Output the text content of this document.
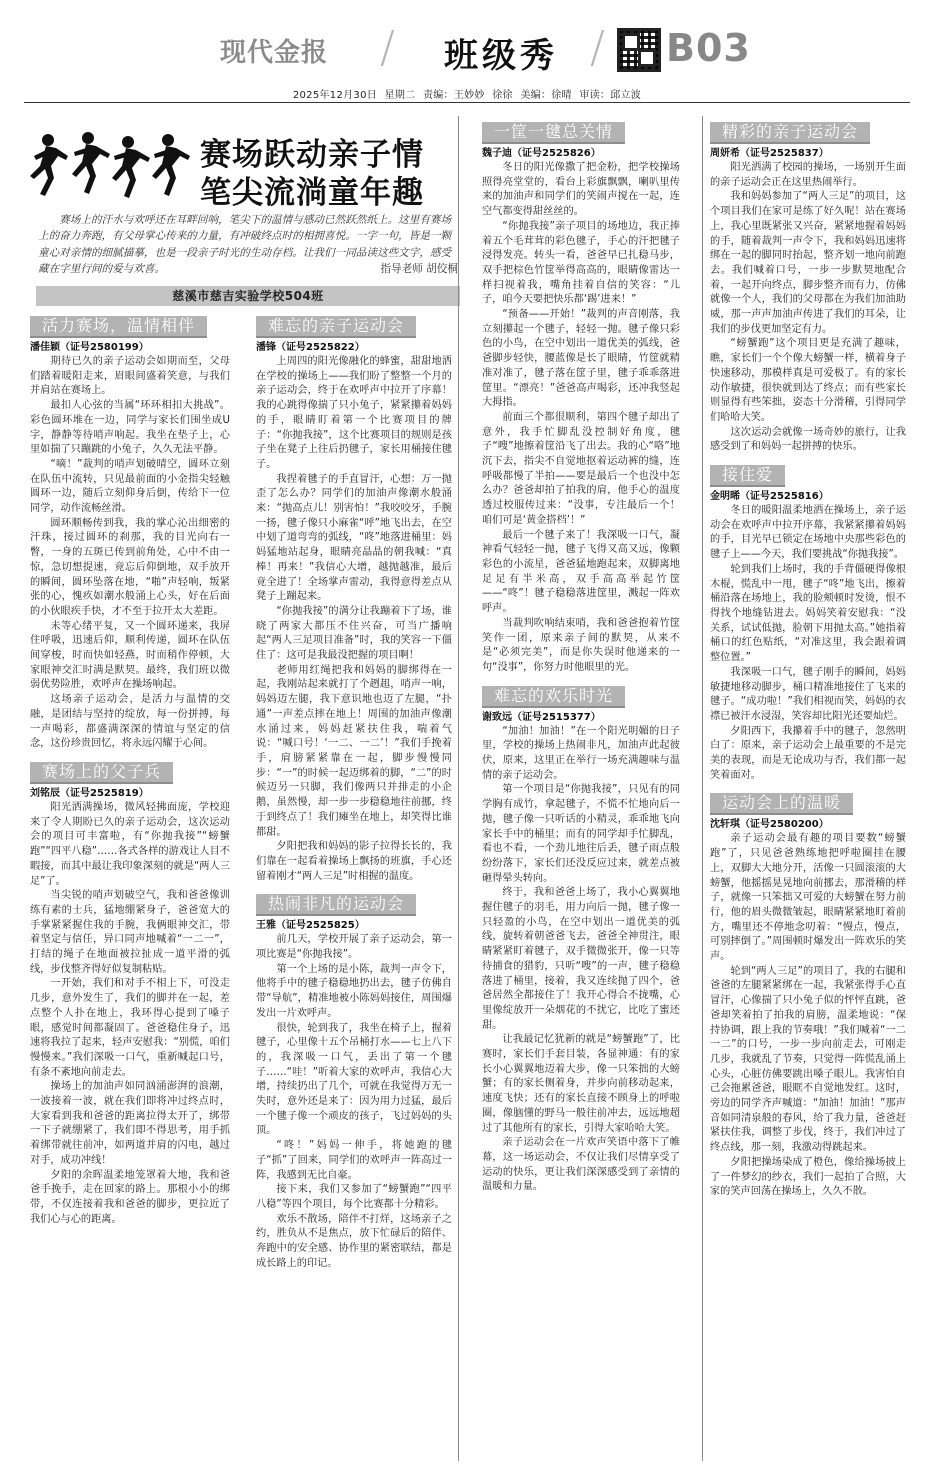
现代金报 / 班级秀 / B03
2025年12月30日 星期二 责编：王妙妙 徐徐 美编：徐晴 审读：邱立波
赛场跃动亲子情
笔尖流淌童年趣
赛场上的汗水与欢呼还在耳畔回响，笔尖下的温情与感动已然跃然纸上。这里有赛场上的奋力奔跑，有父母掌心传来的力量，有冲破终点时的相拥喜悦。一字一句，皆是一颗童心对亲情的细腻描摹，也是一段亲子时光的生动存档。让我们一同品读这些文字，感受藏在字里行间的爱与欢喜。	指导老师 胡佼桐
慈溪市慈吉实验学校504班
活力赛场，温情相伴
潘佳颖（证号2580199）

期待已久的亲子运动会如期而至，父母们踏着暖阳走来，眉眼间盛着笑意，与我们并肩站在赛场上。

最扣人心弦的当属“环环相扣大挑战”。彩色圆环堆在一边，同学与家长们围坐成U字，静静等待哨声响起。我坐在垫子上，心里如揣了只蹦跳的小兔子，久久无法平静。

“嘀！”裁判的哨声划破晴空，圆环立刻在队伍中流转，只见最前面的小金指尖轻触圆环一边，随后立刻仰身后倒，传给下一位同学，动作流畅丝滑。

圆环顺畅传到我，我的掌心沁出细密的汗珠，接过圆环的刹那，我的目光向右一瞥，一身的五斑已传到前角处，心中不由一惊，急切想提速，竟忘后仰倒地，双手放开的瞬间，圆环坠落在地，“啪”声轻响，叛紧张的心，愧疚如潮水般涌上心头，好在后面的小伙眼疾手快，才不至于拉开太大差距。

未等心绪平复，又一个圆环递来，我屏住呼吸，迅速后仰，顺利传递，圆环在队伍间穿梭，时而快如轻燕，时而稍作停顿，大家眼神交汇时满是默契。最终，我们班以微弱优势险胜，欢呼声在操场响起。

这场亲子运动会，是活力与温情的交融，是团结与坚持的绽放，每一份拼搏，每一声喝彩，都盛满深深的情谊与坚定的信念，这份珍贵回忆，将永远闪耀于心间。

赛场上的父子兵
刘铭辰（证号2525819）

阳光洒满操场，微风轻拂面庞，学校迎来了令人期盼已久的亲子运动会，这次运动会的项目可丰富啦，有“你抛我接”“螃蟹跑”“四平八稳”……各式各样的游戏让人目不暇接，而其中最让我印象深刻的就是“两人三足”了。

当尖锐的哨声划破空气，我和爸爸像训练有素的士兵，猛地绷紧身子，爸爸宽大的手掌紧紧握住我的手腕，我俩眼神交汇，带着坚定与信任，异口同声地喊着“一二一”，打结的绳子在地面被拉扯成一道平滑的弧线，步伐整齐得好似复制粘贴。

一开始，我们和对手不相上下，可没走几步，意外发生了，我们的脚并在一起，差点整个人扑在地上，我环得心提到了嗓子眼，感觉时间都凝固了。爸爸稳住身子，迅速将我拉了起来，轻声安慰我：“别慌，咱们慢慢来。”我们深吸一口气，重新喊起口号，有条不紊地向前走去。

操场上的加油声如同汹涌澎湃的浪潮，一波接着一波，就在我们即将冲过终点时，大家看到我和爸爸的距离拉得太开了，绑带一下子就绷紧了，我们即不得思考，用手抓着绑带就往前冲，如两道并肩的闪电，越过对手，成功冲线！

夕阳的余晖温柔地笼罩着大地，我和爸爸手挽手，走在回家的路上。那根小小的绑带，不仅连接着我和爸爸的脚步，更拉近了我们心与心的距离。

难忘的亲子运动会
潘锋（证号2525822）

上周四的阳光像融化的蜂蜜，甜甜地洒在学校的操场上——我们盼了整整一个月的亲子运动会，终于在欢呼声中拉开了序幕！我的心跳得像揣了只小兔子，紧紧攥着妈妈的手，眼睛盯着第一个比赛项目的牌子：“你抛我接”，这个比赛项目的规则是孩子坐在凳子上往后扔毽子，家长用桶接住毽子。

我捏着毽子的手直冒汗，心想：万一抛歪了怎么办？同学们的加油声像潮水般涌来：“抛高点儿！别害怕！”我咬咬牙，手腕一扬，毽子像只小麻雀“呼”地飞出去，在空中划了道弯弯的弧线，“咚”地落进桶里：妈妈猛地站起身，眼睛亮晶晶的朝我喊：“真棒！再来！”我信心大增，越抛越准，最后竟全进了！全场掌声雷动，我得意得差点从凳子上蹦起来。

“你抛我接”的满分让我蹦着下了场，谁晓了两家大都压不住兴奋，可当广播响起“两人三足项目准备”时，我的笑容一下僵住了：这可是我最没把握的项目啊！

老师用红绳把我和妈妈的脚绑得在一起，我刚站起来就打了个趔趄，哨声一响，妈妈迈左腿，我下意识地也迈了左腿，“扑通”一声差点摔在地上！周围的加油声像潮水涌过来，妈妈赶紧扶住我，喘着气说：“喊口号！‘一二、一二’！”我们手挽着手，肩膀紧紧靠在一起，脚步慢慢同步：“一”的时候一起迈绑着的脚，“二”的时候迈另一只脚，我们像两只并排走的小企鹅，虽然慢，却一步一步稳稳地往前挪，终于到终点了！我们瘫坐在地上，却笑得比谁都甜。

夕阳把我和妈妈的影子拉得长长的，我们靠在一起看着操场上飘扬的班旗，手心还留着刚才“两人三足”时相握的温度。

热闹非凡的运动会
王雅（证号2525825）

前几天，学校开展了亲子运动会，第一项比赛是“你抛我接”。

第一个上场的是小陈，裁判一声令下，他将手中的毽子稳稳地扔出去，毽子仿佛自带“导航”，精准地被小陈妈妈接住，周围爆发出一片欢呼声。

很快，轮到我了，我坐在椅子上，握着毽子，心里像十五个吊桶打水——七上八下的，我深吸一口气，丢出了第一个毽子……“哇！”听着大家的欢呼声，我信心大增，持续扔出了几个，可就在我觉得万无一失时，意外还是来了：因为用力过猛，最后一个毽子像一个顽皮的孩子，飞过妈妈的头顶。

“咚！”妈妈一伸手，将她跑的毽子“抓”了回来，同学们的欢呼声一阵高过一阵，我感到无比自豪。

接下来，我们又参加了“螃蟹跑”“四平八稳”等四个项目，每个比赛都十分精彩。

欢乐不散场，陪伴不打烊，这场亲子之约，胜负从不是焦点，放下忙碌后的陪伴、奔跑中的安全感、协作里的紧密联结，都是成长路上的印记。

一筐一毽总关情
魏子迪（证号2525826）

冬日的阳光像撒了把金粉，把学校操场照得亮堂堂的，看台上彩旗飘飘，喇叭里传来的加油声和同学们的笑闹声搅在一起，连空气都变得甜丝丝的。

“你抛我接”亲子项目的场地边，我正捧着五个毛茸茸的彩色毽子，手心的汗把毽子浸得发亮。转头一看，爸爸早已扎稳马步，双手把棕色竹筐举得高高的，眼睛像雷达一样扫视着我，嘴角挂着自信的笑容：“儿子，咱今天要把快乐都‘踢’进来！”

“预备——开始！”裁判的声音刚落，我立刻攥起一个毽子，轻轻一抛。毽子像只彩色的小鸟，在空中划出一道优美的弧线，爸爸脚步轻快，腰蓝像是长了眼睛，竹筐就精准对准了，毽子落在筐子里，毽子乖乖落进筐里。“漂亮！”爸爸高声喝彩，还冲我竖起大拇指。

前面三个都很顺利，第四个毽子却出了意外，我手忙脚乱没控制好角度，毽子“嗖”地擦着筐沿飞了出去。我的心“咯”地沉下去，指尖不自觉地抠着运动裤的缝，连呼吸都慢了半拍——要是最后一个也没中怎么办？爸爸却拍了拍我的肩，他手心的温度透过校服传过来：“没事，专注最后一个！咱们可是‘黄金搭档’！”

最后一个毽子来了！我深吸一口气，凝神看气轻轻一抛，毽子飞得又高又远，像颗彩色的小流星，爸爸猛地跑起来，双脚离地足足有半米高，双手高高举起竹筐——“咚”！毽子稳稳落进筐里，溅起一阵欢呼声。

当裁判吹响结束哨，我和爸爸抱着竹筐笑作一团，原来亲子间的默契，从来不是“必须完美”，而是你失误时他递来的一句“没事”，你努力时他眼里的光。

难忘的欢乐时光
谢致远（证号2515377）

“加油！加油！”在一个阳光明媚的日子里，学校的操场上热闹非凡，加油声此起彼伏，原来，这里正在举行一场充满趣味与温情的亲子运动会。

第一个项目是“你抛我接”，只见有的同学胸有成竹，拿起毽子，不慌不忙地向后一抛，毽子像一只听话的小精灵，乖乖地飞向家长手中的桶里；而有的同学却手忙脚乱，看也不看，一个劲儿地往后丢，毽子雨点般纷纷落下，家长们还没反应过来，就差点被砸得晕头转向。

终于，我和爸爸上场了，我小心翼翼地握住毽子的羽毛，用力向后一抛，毽子像一只轻盈的小鸟，在空中划出一道优美的弧线，旋转着朝爸爸飞去，爸爸全神贯注，眼睛紧紧盯着毽子，双手微微张开，像一只等待捕食的猎豹，只听“嗖”的一声，毽子稳稳落进了桶里，接着，我又连续抛了四个，爸爸居然全都接住了！我开心得合不拢嘴，心里像绽放开一朵烟花的不扰它，比吃了蜜还甜。

让我最记忆犹新的就是“螃蟹跑”了，比赛时，家长们手套目装，各显神通：有的家长小心翼翼地迈着大步，像一只笨拙的大螃蟹；有的家长侧着身，并步向前移动起来，速度飞快；还有的家长直接不顾身上的呼啦圈，像脑懂的野马一般往前冲去，远远地超过了其他所有的家长，引得大家哈哈大笑。

亲子运动会在一片欢声笑语中落下了帷幕，这一场运动会，不仅让我们尽情享受了运动的快乐，更让我们深深感受到了亲情的温暖和力量。

精彩的亲子运动会
周妍希（证号2525837）

阳光洒满了校园的操场，一场别开生面的亲子运动会正在这里热闹举行。

我和妈妈参加了“两人三足”的项目，这个项目我们在家可是练了好久呢！站在赛场上，我心里既紧张又兴奋，紧紧地握着妈妈的手，随着裁判一声令下，我和妈妈迅速将绑在一起的脚同时抬起，整齐划一地向前跑去。我们喊着口号，一步一步默契地配合着，一起开向终点，脚步整齐而有力，仿佛就像一个人，我们的父母都在为我们加油助威，那一声声加油声传进了我们的耳朵，让我们的步伐更加坚定有力。

“螃蟹跑”这个项目更是充满了趣味，瞧，家长们一个个像大螃蟹一样，横着身子快速移动，那模样真是可爱极了。有的家长动作敏捷，很快就到达了终点；而有些家长则显得有些笨拙，姿态十分滑稽，引得同学们哈哈大笑。

这次运动会就像一场奇妙的旅行，让我感受到了和妈妈一起拼搏的快乐。

接住爱
金明晞（证号2525816）

冬日的暖阳温柔地洒在操场上，亲子运动会在欢呼声中拉开序幕，我紧紧攥着妈妈的手，目光早已锁定在场地中央那些彩色的毽子上——今天，我们要挑战“你抛我接”。

轮到我们上场时，我的手背僵硬得像根木棍，慌乱中一甩，毽子“咚”地飞出，擦着桶沿落在场地上，我的脸颊顿时发烫，恨不得找个地缝钻进去。妈妈笑着安慰我：“没关系，试试低抛，脸朝下用抛太高。”她指着桶口的红色贴纸，“对准这里，我会跟着调整位置。”

我深吸一口气，毽子刚手的瞬间，妈妈敏捷地移动脚步，桶口精准地接住了飞来的毽子。“成功啦！”我们相视而笑，妈妈的衣襟已被汗水浸湿，笑容却比阳光还要灿烂。

夕阳西下，我攥着手中的毽子，忽然明白了：原来，亲子运动会上最重要的不是完美的表现，而是无论成功与否，我们都一起笑着面对。

运动会上的温暖
沈轩琪（证号2580200）

亲子运动会最有趣的项目要数“螃蟹跑”了，只见爸爸熟练地把呼啦圈挂在腰上，双脚大大地分开，活像一只圆滚滚的大螃蟹，他摇摇晃晃地向前挪去，那滑稽的样子，就像一只笨拙又可爱的大螃蟹在努力前行，他的眉头微微皱起，眼睛紧紧地盯着前方，嘴里还不停地念叨着：“慢点，慢点，可别摔倒了。”周围顿时爆发出一阵欢乐的笑声。

轮到“两人三足”的项目了，我的右腿和爸爸的左腿紧紧绑在一起，我紧张得手心直冒汗，心像揣了只小兔子似的怦怦直跳，爸爸却笑着拍了拍我的肩膀，温柔地说：“保持协调，跟上我的节奏哦！”我们喊着“一二一二”的口号，一步一步向前走去，可刚走几步，我就乱了节奏，只觉得一阵慌乱涌上心头，心脏仿佛要跳出嗓子眼儿。我害怕自己会拖累爸爸，眼眶不自觉地发红。这时，旁边的同学齐声喊道：“加油！加油！”那声音如同清泉般的春风，给了我力量，爸爸赶紧扶住我，调整了步伐，终于，我们冲过了终点线，那一刻，我激动得跳起来。

夕阳把操场染成了橙色，像给操场披上了一件梦幻的纱衣，我们一起拍了合照，大家的笑声回荡在操场上，久久不散。
